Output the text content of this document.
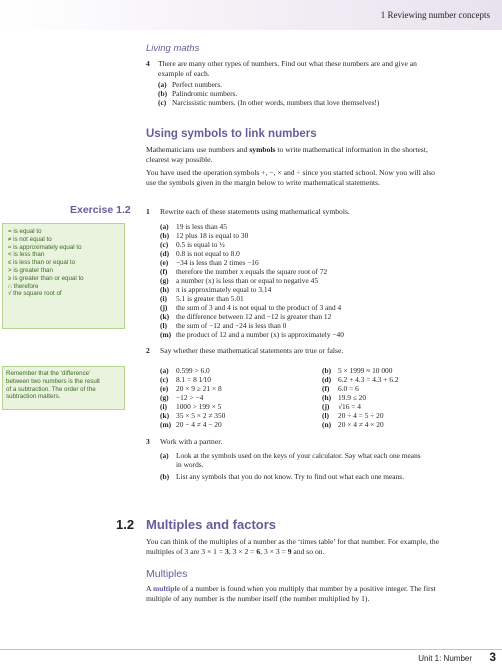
1 Reviewing number concepts
Living maths
4 There are many other types of numbers. Find out what these numbers are and give an
example of each.
(a) Perfect numbers.
(b) Palindromic numbers.
(c) Narcissistic numbers. (In other words, numbers that love themselves!)
Using symbols to link numbers
Mathematicians use numbers and symbols to write mathematical information in the shortest,
clearest way possible.
You have used the operation symbols +, −, × and ÷ since you started school. Now you will also
use the symbols given in the margin below to write mathematical statements.
Exercise 1.2 1 Rewrite each of these statements using mathematical symbols.
(a) 19 is less than 45
(b) 12 plus 18 is equal to 30
(c) 0.5 is equal to ½
(d) 0.8 is not equal to 8.0
(e) −34 is less than 2 times −16
(f) therefore the number x equals the square root of 72
(g) a number (x) is less than or equal to negative 45
(h) π is approximately equal to 3.14
(i) 5.1 is greater than 5.01
(j) the sum of 3 and 4 is not equal to the product of 3 and 4
(k) the difference between 12 and −12 is greater than 12
(l) the sum of −12 and −24 is less than 0
(m) the product of 12 and a number (x) is approximately −40
= is equal to
≠ is not equal to
≈ is approximately equal to
< is less than
≤ is less than or equal to
> is greater than
≥ is greater than or equal to
∴ therefore
√ the square root of
2 Say whether these mathematical statements are true or false.
Remember that the ‘difference’
between two numbers is the result
of a subtraction. The order of the
subtraction matters.
(a) 0.599 > 6.0
(c) 8.1 = 8 1⁄10
(e) 20 × 9 ≥ 21 × 8
(g) −12 > −4
(i) 1000 > 199 × 5
(k) 35 × 5 × 2 ≠ 350
(m) 20 − 4 ≠ 4 − 20
(b) 5 × 1999 ≈ 10 000
(d) 6.2 + 4.3 = 4.3 + 6.2
(f) 6.0 = 6
(h) 19.9 ≤ 20
(j) √16 = 4
(l) 20 ÷ 4 = 5 ÷ 20
(n) 20 × 4 ≠ 4 × 20
3 Work with a partner.
(a) Look at the symbols used on the keys of your calculator. Say what each one means
in words.
(b) List any symbols that you do not know. Try to find out what each one means.
1.2 Multiples and factors
You can think of the multiples of a number as the ‘times table’ for that number. For example, the
multiples of 3 are 3 × 1 = 3, 3 × 2 = 6, 3 × 3 = 9 and so on.
Multiples
A multiple of a number is found when you multiply that number by a positive integer. The first
multiple of any number is the number itself (the number multiplied by 1).
Unit 1: Number 3
